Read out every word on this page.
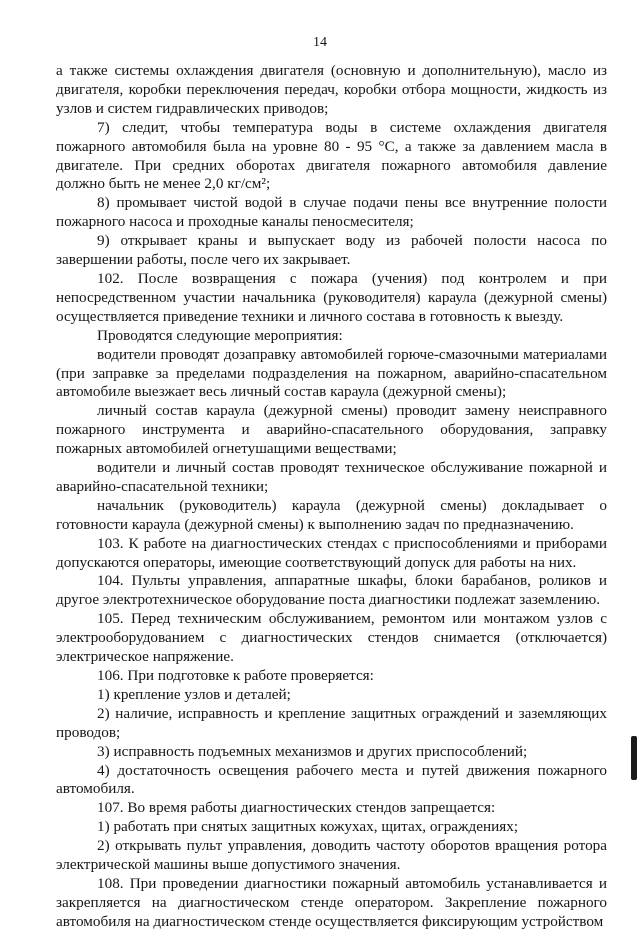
14

а также системы охлаждения двигателя (основную и дополнительную), масло из двигателя, коробки переключения передач, коробки отбора мощности, жидкость из узлов и систем гидравлических приводов;

7) следит, чтобы температура воды в системе охлаждения двигателя пожарного автомобиля была на уровне 80 - 95 °С, а также за давлением масла в двигателе. При средних оборотах двигателя пожарного автомобиля давление должно быть не менее 2,0 кг/см²;

8) промывает чистой водой в случае подачи пены все внутренние полости пожарного насоса и проходные каналы пеносмесителя;

9) открывает краны и выпускает воду из рабочей полости насоса по завершении работы, после чего их закрывает.

102. После возвращения с пожара (учения) под контролем и при непосредственном участии начальника (руководителя) караула (дежурной смены) осуществляется приведение техники и личного состава в готовность к выезду.

Проводятся следующие мероприятия:

водители проводят дозаправку автомобилей горюче-смазочными материалами (при заправке за пределами подразделения на пожарном, аварийно-спасательном автомобиле выезжает весь личный состав караула (дежурной смены);

личный состав караула (дежурной смены) проводит замену неисправного пожарного инструмента и аварийно-спасательного оборудования, заправку пожарных автомобилей огнетушащими веществами;

водители и личный состав проводят техническое обслуживание пожарной и аварийно-спасательной техники;

начальник (руководитель) караула (дежурной смены) докладывает о готовности караула (дежурной смены) к выполнению задач по предназначению.

103. К работе на диагностических стендах с приспособлениями и приборами допускаются операторы, имеющие соответствующий допуск для работы на них.

104. Пульты управления, аппаратные шкафы, блоки барабанов, роликов и другое электротехническое оборудование поста диагностики подлежат заземлению.

105. Перед техническим обслуживанием, ремонтом или монтажом узлов с электрооборудованием с диагностических стендов снимается (отключается) электрическое напряжение.

106. При подготовке к работе проверяется:

1) крепление узлов и деталей;

2) наличие, исправность и крепление защитных ограждений и заземляющих проводов;

3) исправность подъемных механизмов и других приспособлений;

4) достаточность освещения рабочего места и путей движения пожарного автомобиля.

107. Во время работы диагностических стендов запрещается:

1) работать при снятых защитных кожухах, щитах, ограждениях;

2) открывать пульт управления, доводить частоту оборотов вращения ротора электрической машины выше допустимого значения.

108. При проведении диагностики пожарный автомобиль устанавливается и закрепляется на диагностическом стенде оператором. Закрепление пожарного автомобиля на диагностическом стенде осуществляется фиксирующим устройством
